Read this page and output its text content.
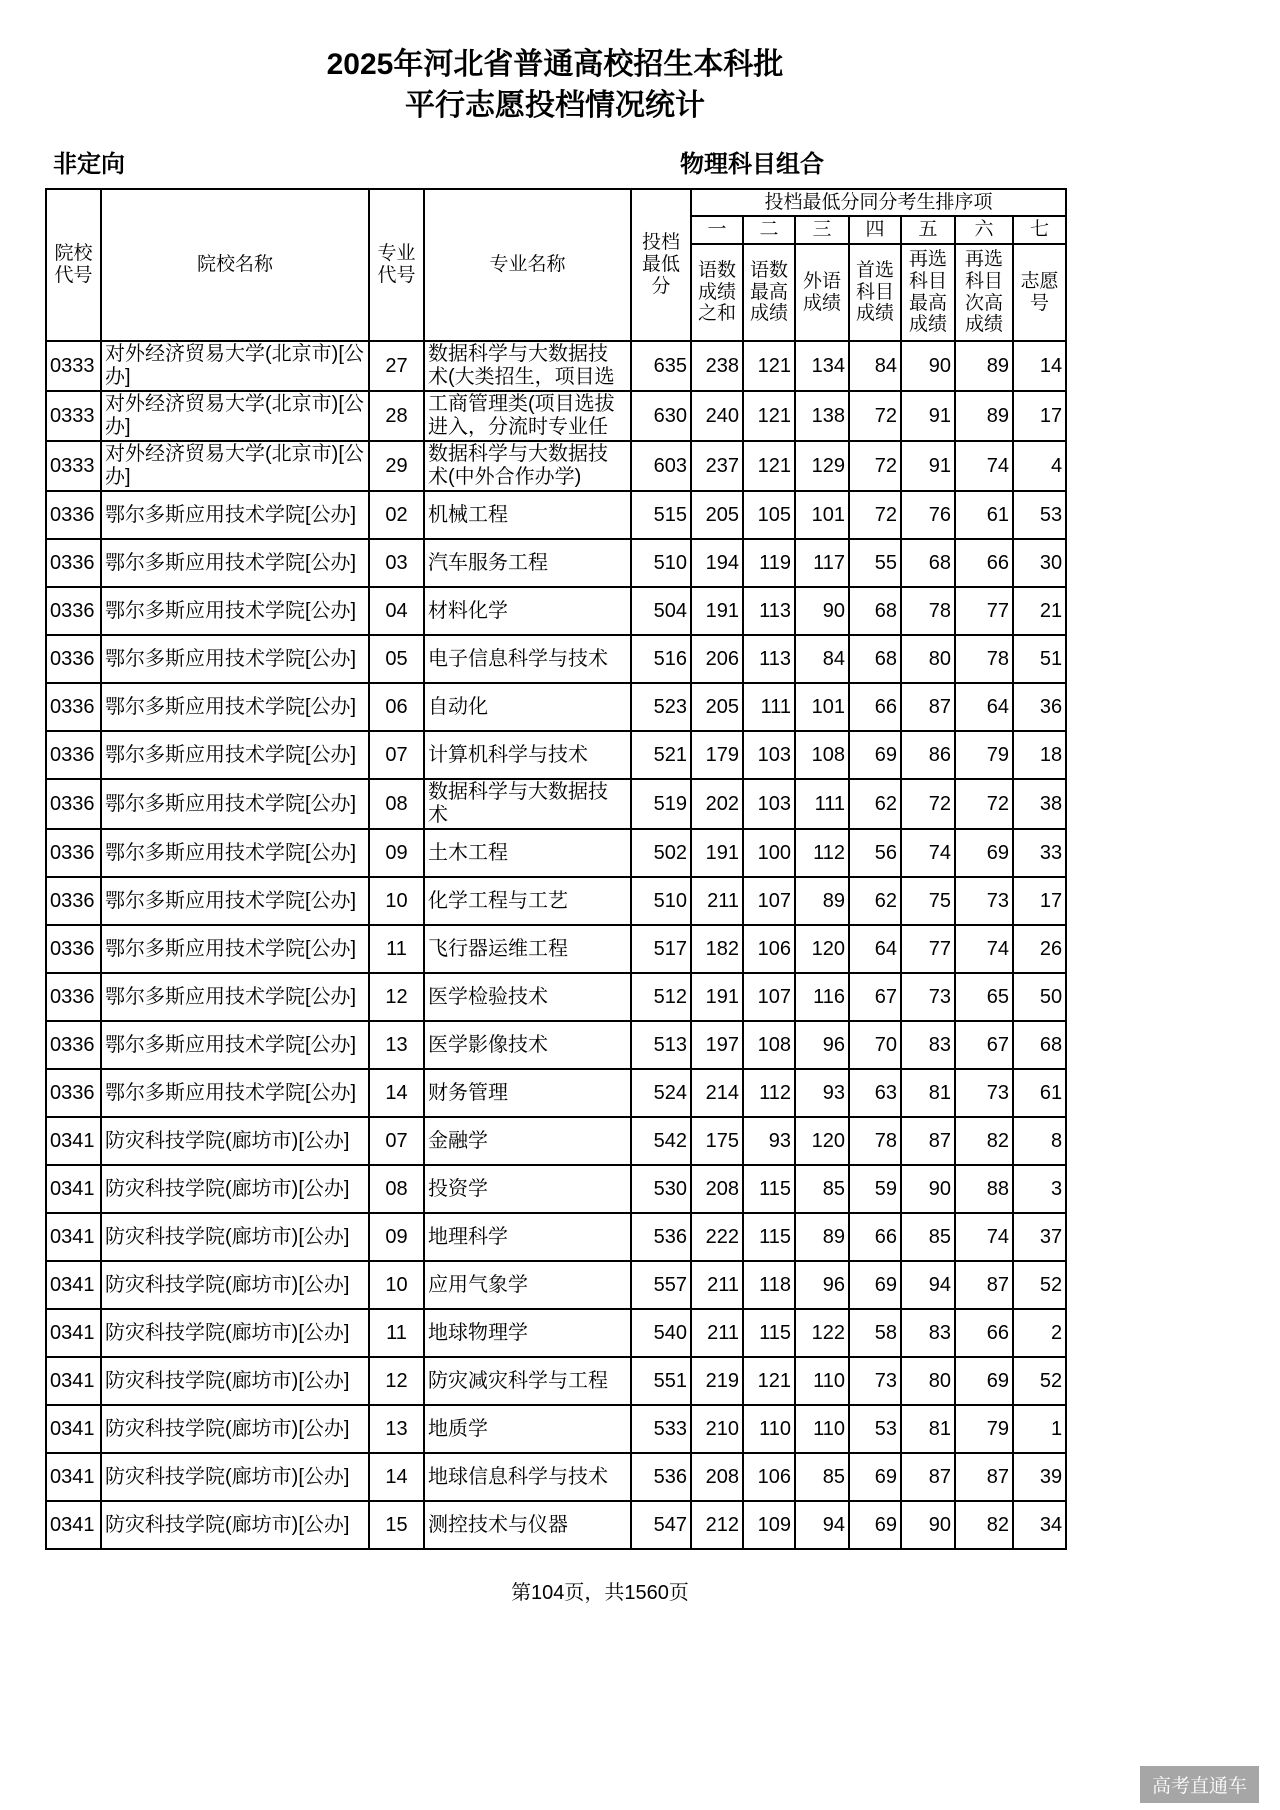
2025年河北省普通高校招生本科批
平行志愿投档情况统计
非定向	物理科目组合
院校代号	院校名称	专业代号	专业名称	投档最低分	投档最低分同分考生排序项						
					一	二	三	四	五	六	七
					语数成绩之和	语数最高成绩	外语成绩	首选科目成绩	再选科目最高成绩	再选科目次高成绩	志愿号
0333	对外经济贸易大学(北京市)[公办]	27	数据科学与大数据技术(大类招生，项目选	635	238	121	134	84	90	89	14
0333	对外经济贸易大学(北京市)[公办]	28	工商管理类(项目选拔进入，分流时专业任	630	240	121	138	72	91	89	17
0333	对外经济贸易大学(北京市)[公办]	29	数据科学与大数据技术(中外合作办学)	603	237	121	129	72	91	74	4
0336	鄂尔多斯应用技术学院[公办]	02	机械工程	515	205	105	101	72	76	61	53
0336	鄂尔多斯应用技术学院[公办]	03	汽车服务工程	510	194	119	117	55	68	66	30
0336	鄂尔多斯应用技术学院[公办]	04	材料化学	504	191	113	90	68	78	77	21
0336	鄂尔多斯应用技术学院[公办]	05	电子信息科学与技术	516	206	113	84	68	80	78	51
0336	鄂尔多斯应用技术学院[公办]	06	自动化	523	205	111	101	66	87	64	36
0336	鄂尔多斯应用技术学院[公办]	07	计算机科学与技术	521	179	103	108	69	86	79	18
0336	鄂尔多斯应用技术学院[公办]	08	数据科学与大数据技术	519	202	103	111	62	72	72	38
0336	鄂尔多斯应用技术学院[公办]	09	土木工程	502	191	100	112	56	74	69	33
0336	鄂尔多斯应用技术学院[公办]	10	化学工程与工艺	510	211	107	89	62	75	73	17
0336	鄂尔多斯应用技术学院[公办]	11	飞行器运维工程	517	182	106	120	64	77	74	26
0336	鄂尔多斯应用技术学院[公办]	12	医学检验技术	512	191	107	116	67	73	65	50
0336	鄂尔多斯应用技术学院[公办]	13	医学影像技术	513	197	108	96	70	83	67	68
0336	鄂尔多斯应用技术学院[公办]	14	财务管理	524	214	112	93	63	81	73	61
0341	防灾科技学院(廊坊市)[公办]	07	金融学	542	175	93	120	78	87	82	8
0341	防灾科技学院(廊坊市)[公办]	08	投资学	530	208	115	85	59	90	88	3
0341	防灾科技学院(廊坊市)[公办]	09	地理科学	536	222	115	89	66	85	74	37
0341	防灾科技学院(廊坊市)[公办]	10	应用气象学	557	211	118	96	69	94	87	52
0341	防灾科技学院(廊坊市)[公办]	11	地球物理学	540	211	115	122	58	83	66	2
0341	防灾科技学院(廊坊市)[公办]	12	防灾减灾科学与工程	551	219	121	110	73	80	69	52
0341	防灾科技学院(廊坊市)[公办]	13	地质学	533	210	110	110	53	81	79	1
0341	防灾科技学院(廊坊市)[公办]	14	地球信息科学与技术	536	208	106	85	69	87	87	39
0341	防灾科技学院(廊坊市)[公办]	15	测控技术与仪器	547	212	109	94	69	90	82	34
第104页，共1560页
高考直通车
